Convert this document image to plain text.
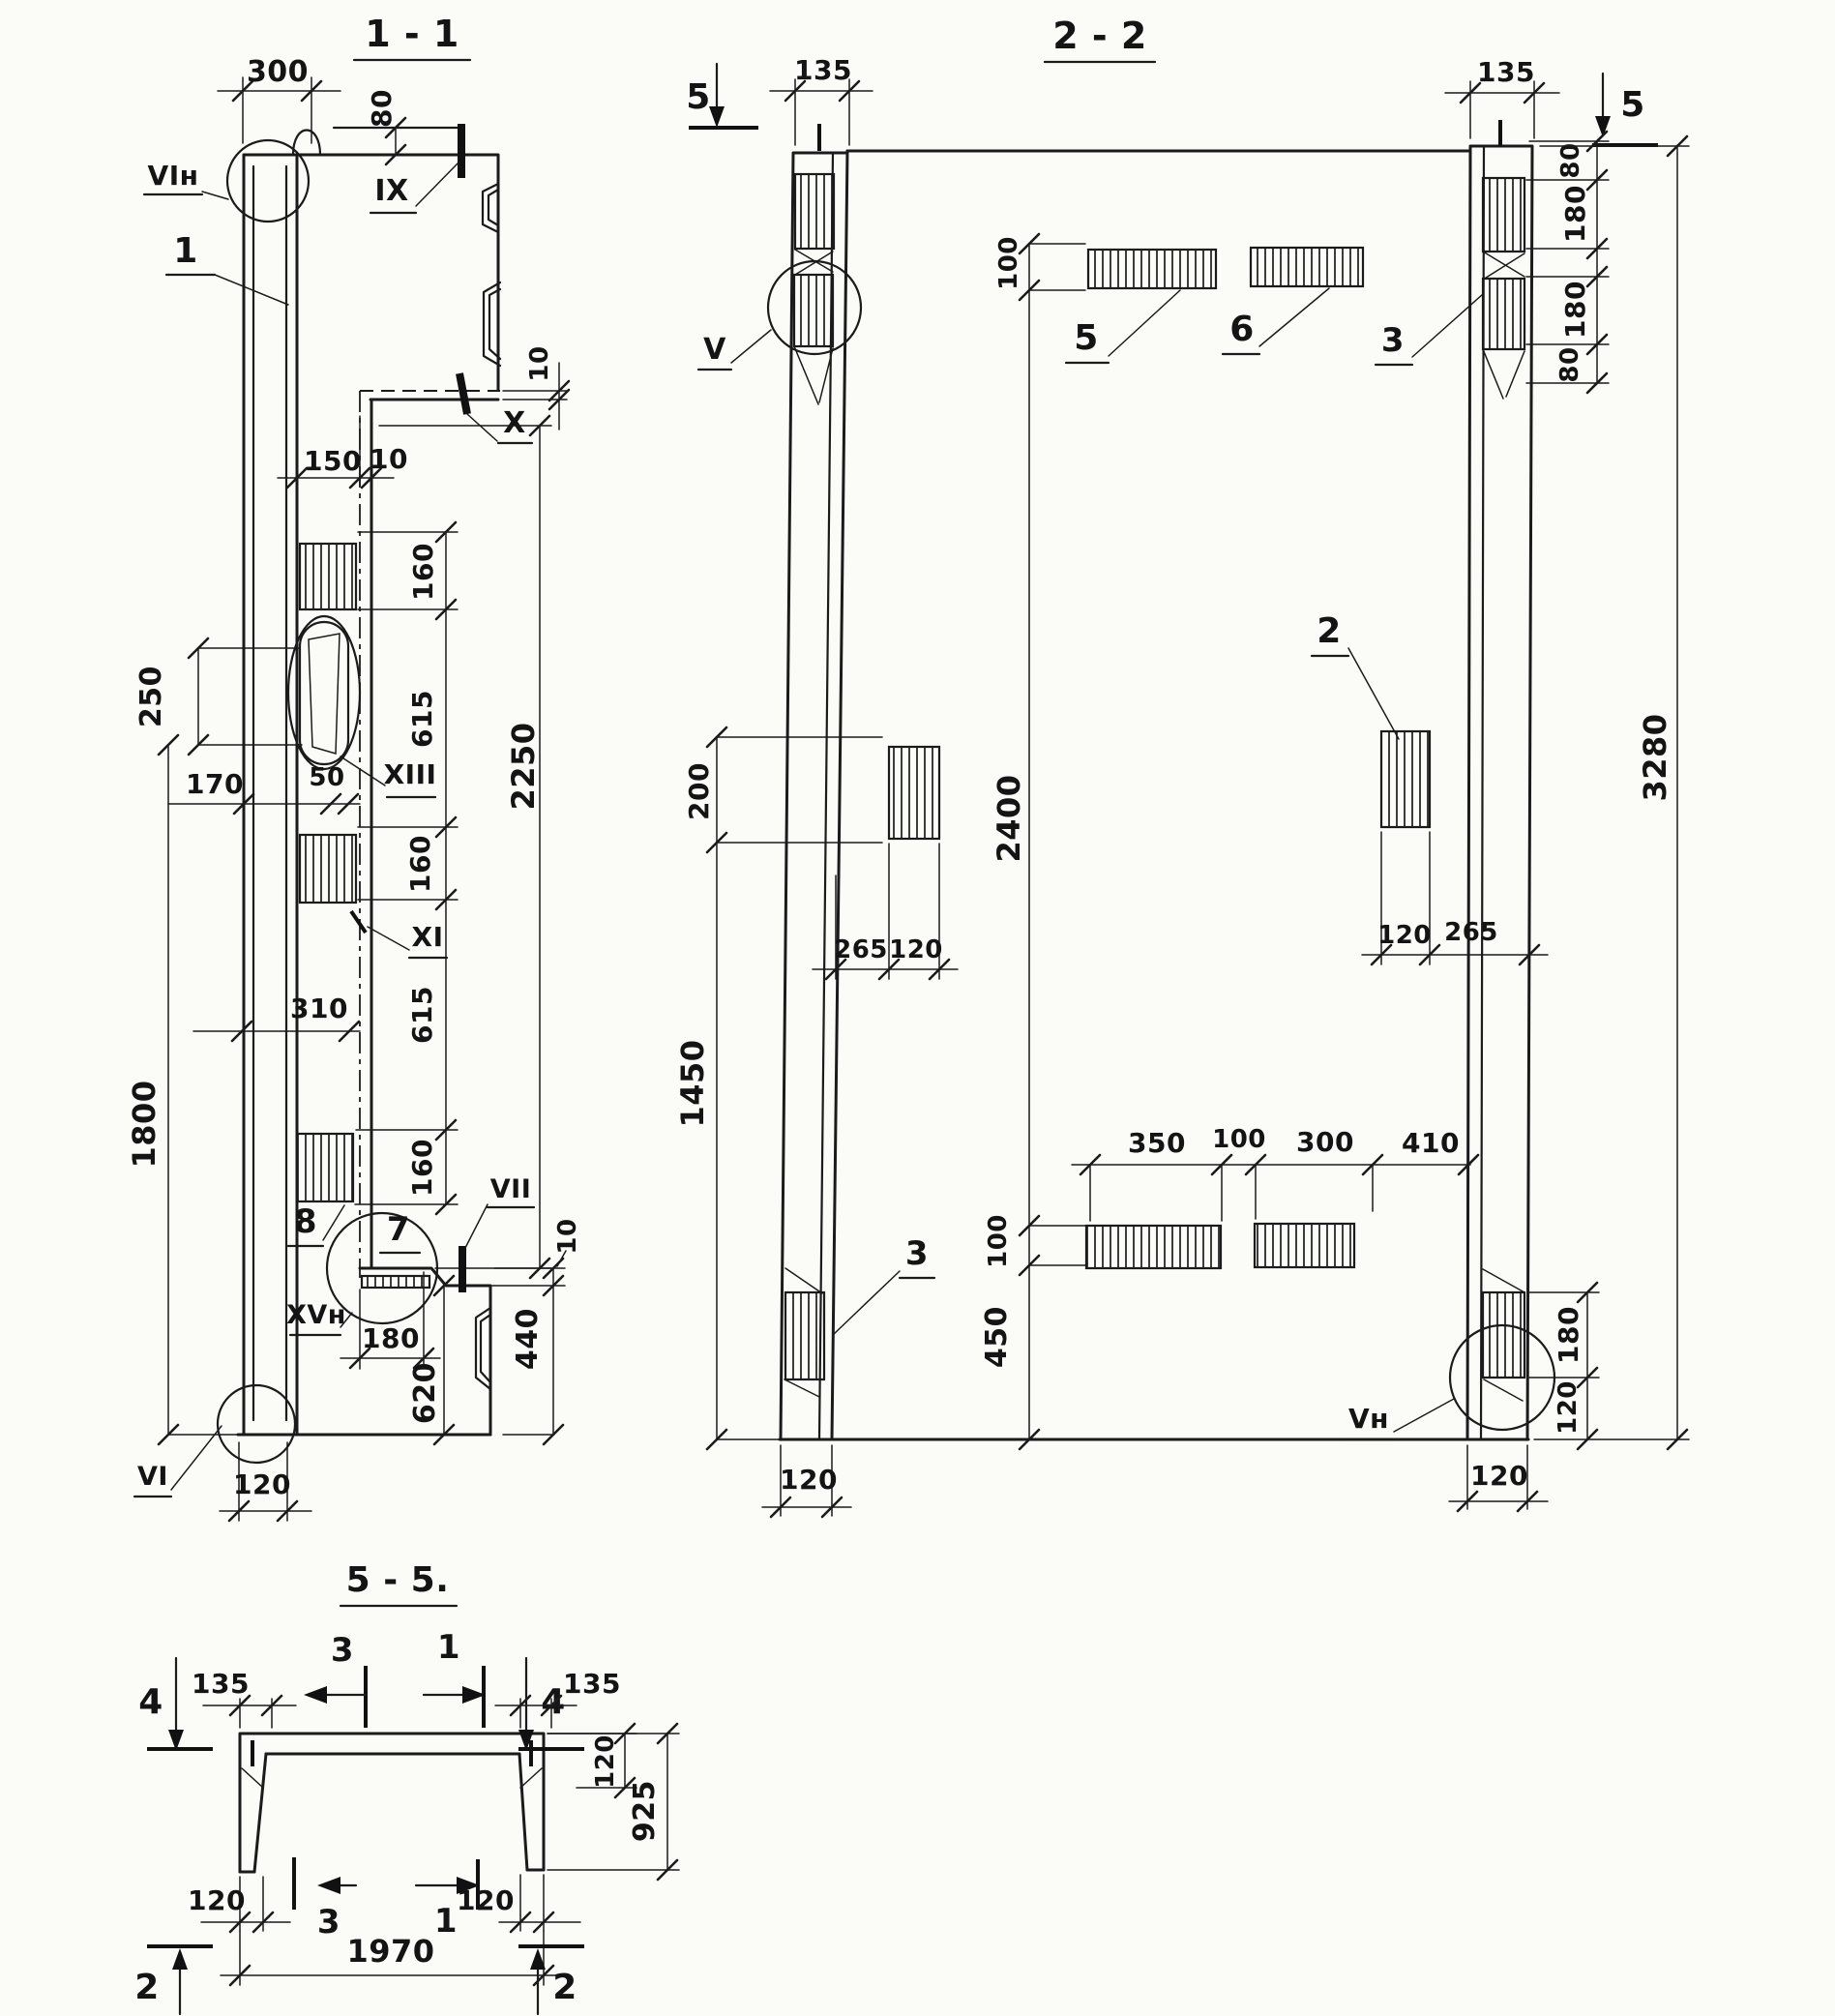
1 - 1
XIII
300
IX
80
VIн
1
X
10
150 10
160
615
160
615
160
2250
250
1800
170	50
XI
310
8 7
XVн
VII
180
620
440
10
VI 120
2 - 2
V
Vн
5	5
135	135
80
180
180
80
3280
100
5	6	3
2400
100
450
2
265 120	120 265
200
1450
350 100 300 410
3
180
120
120	120
5 - 5.
3	1
4	4
135	135
120
925
3	1
120	120
1970
2	2
